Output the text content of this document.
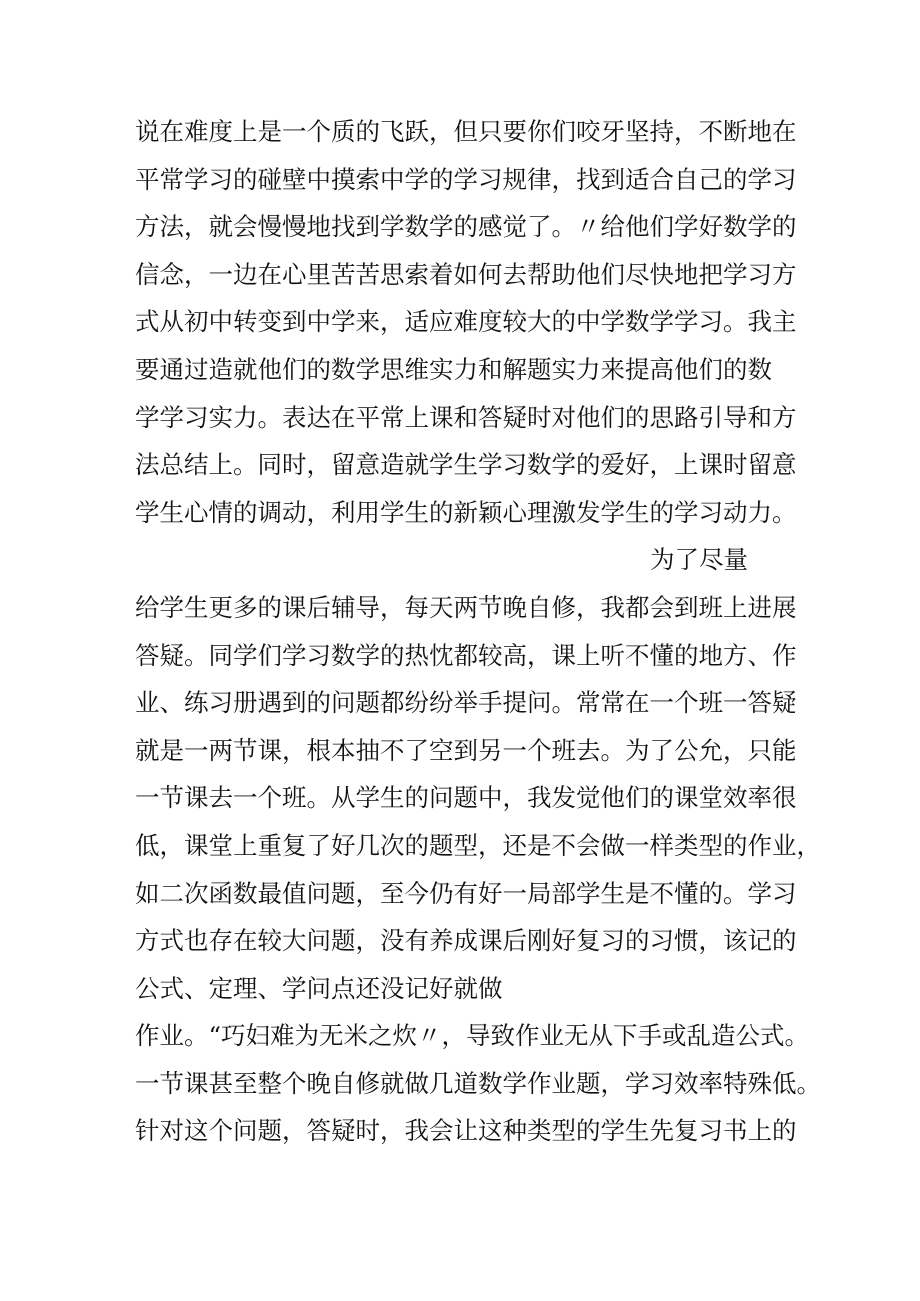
说在难度上是一个质的飞跃，但只要你们咬牙坚持，不断地在
平常学习的碰壁中摸索中学的学习规律，找到适合自己的学习
方法，就会慢慢地找到学数学的感觉了。〃给他们学好数学的
信念，一边在心里苦苦思索着如何去帮助他们尽快地把学习方
式从初中转变到中学来，适应难度较大的中学数学学习。我主
要通过造就他们的数学思维实力和解题实力来提高他们的数
学学习实力。表达在平常上课和答疑时对他们的思路引导和方
法总结上。同时，留意造就学生学习数学的爱好，上课时留意
学生心情的调动，利用学生的新颖心理激发学生的学习动力。
为了尽量
给学生更多的课后辅导，每天两节晚自修，我都会到班上进展
答疑。同学们学习数学的热忱都较高，课上听不懂的地方、作
业、练习册遇到的问题都纷纷举手提问。常常在一个班一答疑
就是一两节课，根本抽不了空到另一个班去。为了公允，只能
一节课去一个班。从学生的问题中，我发觉他们的课堂效率很
低，课堂上重复了好几次的题型，还是不会做一样类型的作业，
如二次函数最值问题，至今仍有好一局部学生是不懂的。学习
方式也存在较大问题，没有养成课后刚好复习的习惯，该记的
公式、定理、学问点还没记好就做
作业。“巧妇难为无米之炊〃，导致作业无从下手或乱造公式。
一节课甚至整个晚自修就做几道数学作业题，学习效率特殊低。
针对这个问题，答疑时，我会让这种类型的学生先复习书上的
